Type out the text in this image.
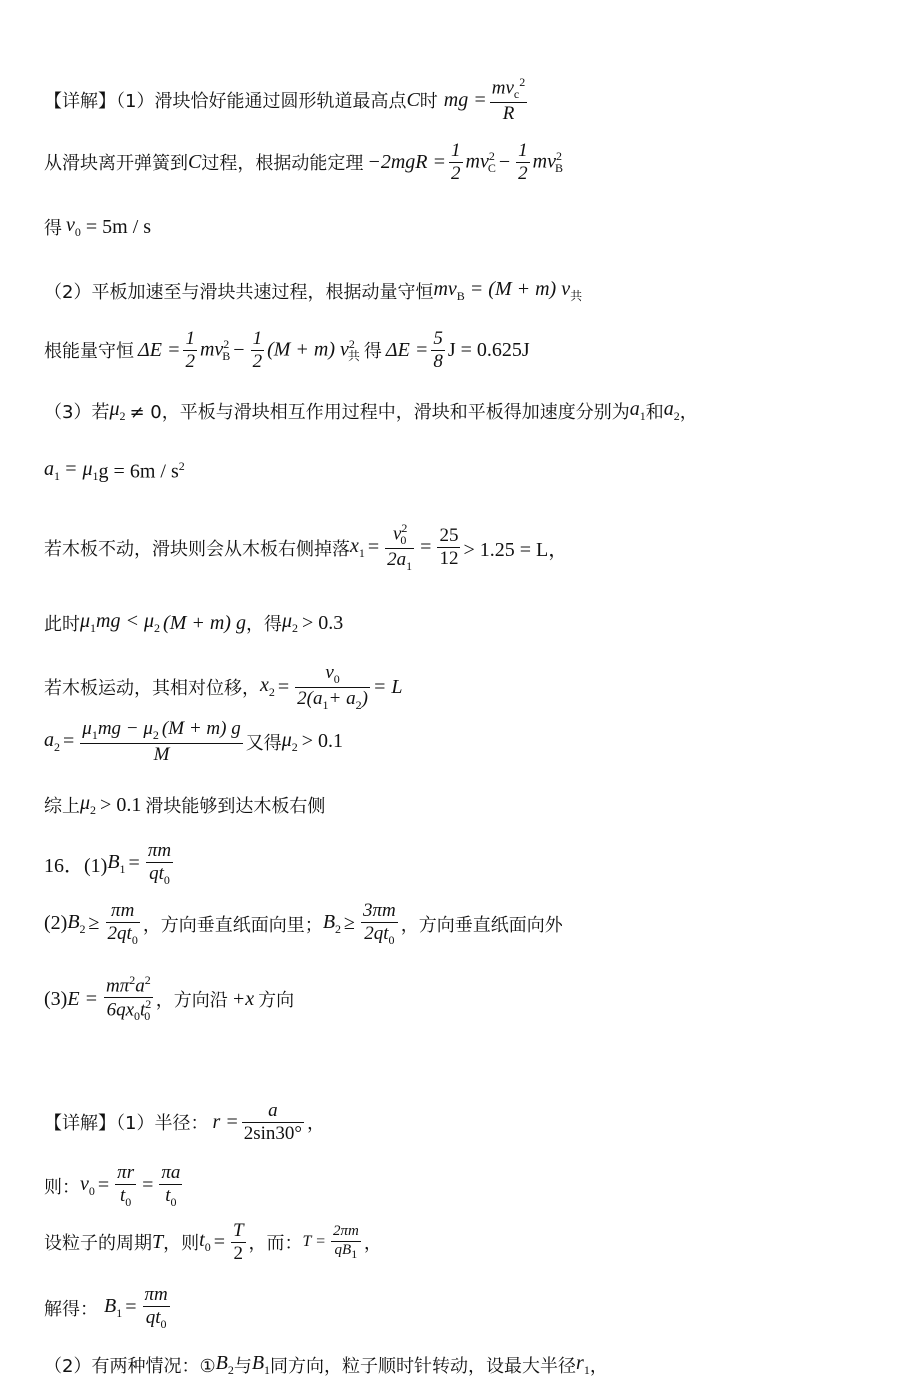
【详解】（1）滑块恰好能通过圆形轨道最高点 C 时 mg = $\frac{mv_c^2}{R}$
从滑块离开弹簧到 C 过程，根据动能定理 $-2mgR = \frac{1}{2} mv^2_C - \frac{1}{2} mv^2_B$
得 $v_0 = 5m / s$
（2）平板加速至与滑块共速过程，根据动量守恒 $mv_B = (M + m)$ $v_共$
根能量守恒 $\Delta E = \frac{1}{2} mv^2_B - \frac{1}{2} (M + m)$ $v^2_共$ 得 $\Delta E = \frac{5}{8}$ J = 0.625J
（3）若 $\mu_2 \ne 0$，平板与滑块相互作用过程中，滑块和平板得加速度分别为 $a_1$ 和 $a_2$ ，
$a_1 = \mu_1$ $g = 6m / s^2$
若木板不动，滑块则会从木板右侧掉落 $x_1 = \frac{v^2_0}{2a_1} = \frac{25}{12} > 1.25 = L$，
此时 $\mu_1$ mg < $\mu_2$ (M + m) g ，得 $\mu_2 > 0.3$
若木板运动，其相对位移， $x_2 = \frac{v_0}{2(a_1+ a_2)} = L$
$a_2 = \frac{\mu_1mg - \mu_2 (M + m) g}{M}$ 又得 $\mu_2 > 0.1$
综上 $\mu_2 > 0.1$ 滑块能够到达木板右侧
16．(1) $B_1 = \frac{\pi m}{qt_0}$
(2) $B_2 \ge \frac{\pi m}{2qt_0}$ ，方向垂直纸面向里； $B_2 \ge \frac{3\pi m}{2qt_0}$ ，方向垂直纸面向外
(3) $E = \frac{m\pi^2a^2}{6qx_0t^2_0}$ ，方向沿 +x 方向
【详解】（1）半径： $r = \frac{a}{2\sin 30^\circ}$ ，
则： $v_0 = \frac{\pi r}{t_0} = \frac{\pi a}{t_0}$
设粒子的周期 T ，则 $t_0 = \frac{T}{2}$ ，而： $T = \frac{2\pi m}{qB_1}$ ，
解得： $B_1 = \frac{\pi m}{qt_0}$
（2）有两种情况：① $B_2$ 与 $B_1$ 同方向，粒子顺时针转动，设最大半径 $r_1$ ，
